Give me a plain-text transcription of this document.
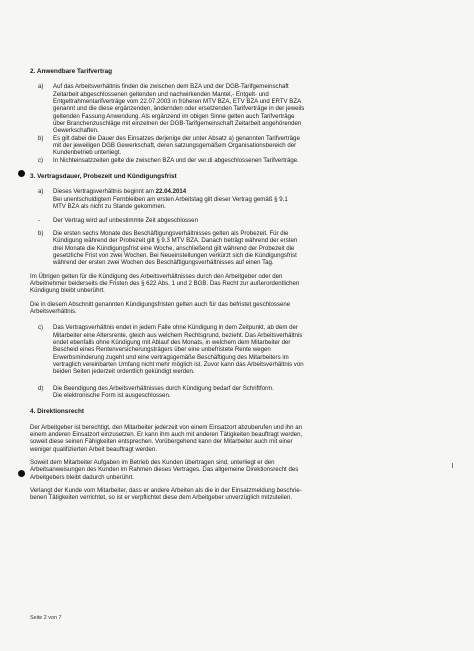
2. Anwendbare Tarifvertrag
a)	Auf das Arbeitsverhältnis finden die zwischen dem BZA und der DGB-Tarifgemeinschaft
Zeitarbeit abgeschlossenen geltenden und nachwirkenden Mantel,- Entgelt- und
Entgeltrahmentarifverträge vom 22.07.2003 in früheren MTV BZA, ETV BZA und ERTV BZA
genannt und die diese ergänzenden, ändernden oder ersetzenden Tarifverträge in der jeweils
geltenden Fassung Anwendung. Als ergänzend im obigen Sinne gelten auch Tarifverträge
über Branchenzuschläge mit einzelnen der DGB-Tarifgemeinschaft Zeitarbeit angehörenden
Gewerkschaften.
b)	Es gilt dabei die Dauer des Einsatzes derjenige der unter Absatz a) genannten Tarifverträge
mit der jeweiligen DGB Gewerkschaft, deren satzungsgemäßem Organisationsbereich der
Kundenbetrieb unterliegt.
c)	In Nichteinsatzzeiten gelte die zwischen BZA und der ver.di abgeschlossenen Tarifverträge.
3. Vertragsdauer, Probezeit und Kündigungsfrist
a)	Dieses Vertragsverhältnis beginnt am 22.04.2014
Bei unentschuldigtem Fernbleiben am ersten Arbeitstag gilt dieser Vertrag gemäß § 9.1
MTV BZA als nicht zu Stande gekommen.
-	Der Vertrag wird auf unbestimmte Zeit abgeschlossen
b)	Die ersten sechs Monate des Beschäftigungsverhältnisses gelten als Probezeit. Für die
Kündigung während der Probezeit gilt § 9.3 MTV BZA. Danach beträgt während der ersten
drei Monate die Kündigungsfrist eine Woche, anschließend gilt während der Probezeit die
gesetzliche Frist von zwei Wochen. Bei Neueinstellungen verkürzt sich die Kündigungsfrist
während der ersten zwei Wochen des Beschäftigungsverhältnisses auf einen Tag.
Im Übrigen gelten für die Kündigung des Arbeitsverhältnisses durch den Arbeitgeber oder den
Arbeitnehmer beiderseits die Fristen des § 622 Abs. 1 und 2 BGB. Das Recht zur außerordentlichen
Kündigung bleibt unberührt.
Die in diesem Abschnitt genannten Kündigungsfristen gelten auch für das befristet geschlossene
Arbeitsverhältnis.
c)	Das Vertragsverhältnis endet in jedem Falle ohne Kündigung in dem Zeitpunkt, ab dem der
Mitarbeiter eine Altersrente, gleich aus welchem Rechtsgrund, bezieht. Das Arbeitsverhältnis
endet ebenfalls ohne Kündigung mit Ablauf des Monats, in welchem dem Mitarbeiter der
Bescheid eines Rentenversicherungsträgers über eine unbefristete Rente wegen
Erwerbsminderung zugeht und eine vertragsgemäße Beschäftigung des Mitarbeiters im
vertraglich vereinbarten Umfang nicht mehr möglich ist. Zuvor kann das Arbeitsverhältnis von
beiden Seiten jederzeit ordentlich gekündigt werden.
d)	Die Beendigung des Arbeitsverhältnisses durch Kündigung bedarf der Schriftform.
Die elektronische Form ist ausgeschlossen.
4. Direktionsrecht
Der Arbeitgeber ist berechtigt, den Mitarbeiter jederzeit von einem Einsatzort abzuberufen und ihn an
einem anderen Einsatzort einzusetzen. Er kann ihm auch mit anderen Tätigkeiten beauftragt werden,
soweit diese seinen Fähigkeiten entsprechen. Vorübergehend kann der Mitarbeiter auch mit einer
weniger qualifizierten Arbeit beauftragt werden.
Soweit dem Mitarbeiter Aufgaben im Betrieb des Kunden übertragen sind, unterliegt er den
Arbeitsanweisungen des Kunden im Rahmen dieses Vertrages. Das allgemeine Direktionsrecht des
Arbeitgebers bleibt dadurch unberührt.
Verlangt der Kunde vom Mitarbeiter, dass er andere Arbeiten als die in der Einsatzmeldung beschrie-
benen Tätigkeiten verrichtet, so ist er verpflichtet diese dem Arbeitgeber unverzüglich mitzuteilen.
Seite 2 von 7
